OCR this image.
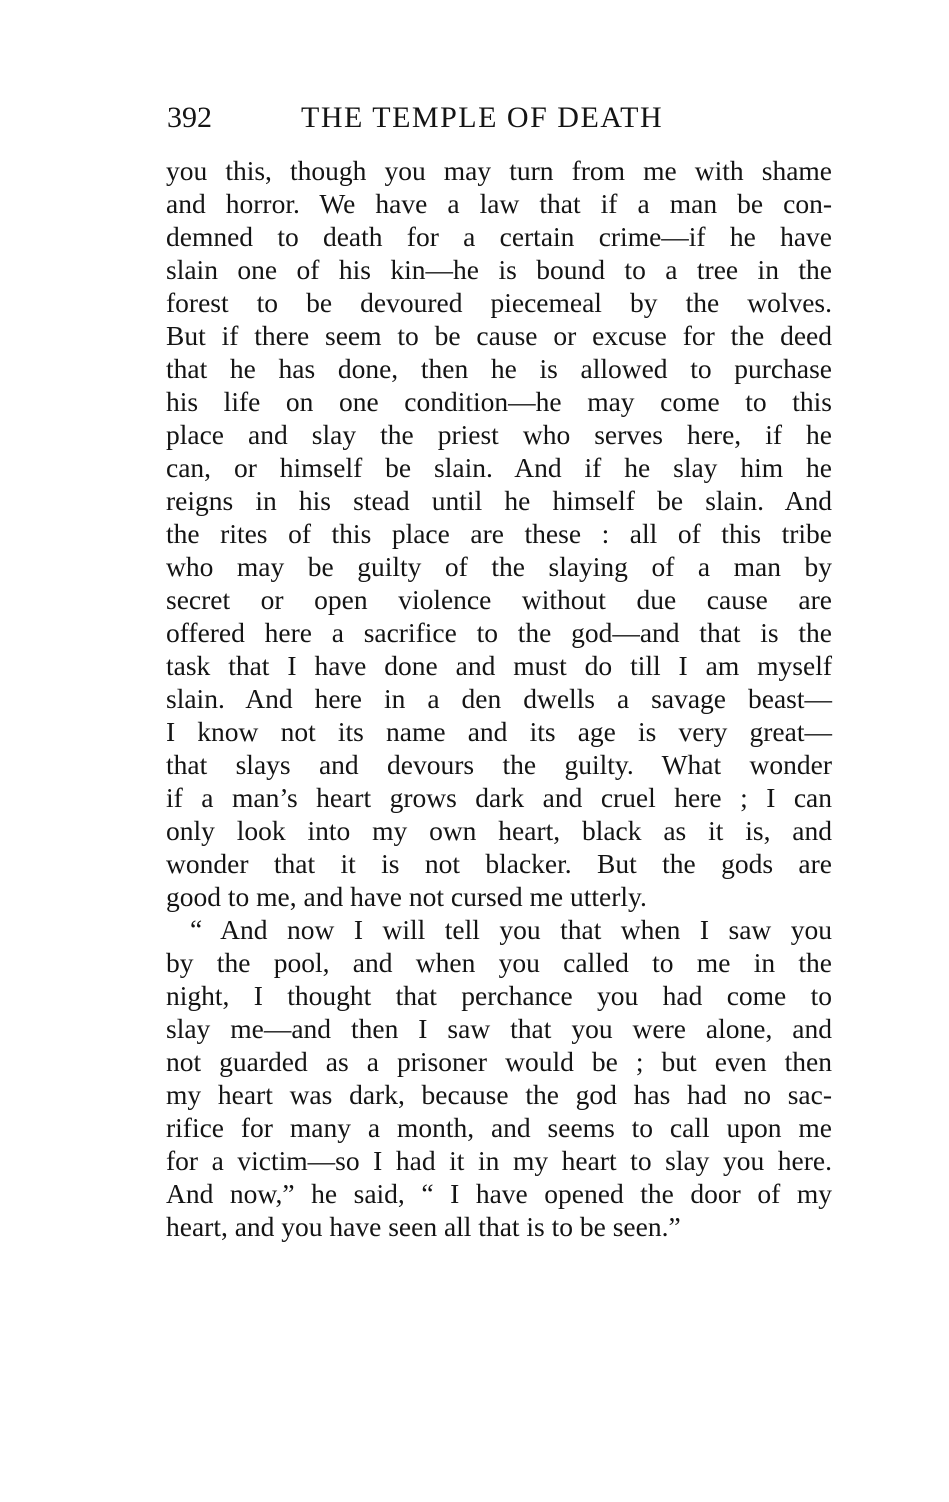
392	THE TEMPLE OF DEATH
you this, though you may turn from me with shame
and horror. We have a law that if a man be con-
demned to death for a certain crime—if he have
slain one of his kin—he is bound to a tree in the
forest to be devoured piecemeal by the wolves.
But if there seem to be cause or excuse for the deed
that he has done, then he is allowed to purchase
his life on one condition—he may come to this
place and slay the priest who serves here, if he
can, or himself be slain. And if he slay him he
reigns in his stead until he himself be slain. And
the rites of this place are these : all of this tribe
who may be guilty of the slaying of a man by
secret or open violence without due cause are
offered here a sacrifice to the god—and that is the
task that I have done and must do till I am myself
slain. And here in a den dwells a savage beast—
I know not its name and its age is very great—
that slays and devours the guilty. What wonder
if a man’s heart grows dark and cruel here ; I can
only look into my own heart, black as it is, and
wonder that it is not blacker. But the gods are
good to me, and have not cursed me utterly.
“ And now I will tell you that when I saw you
by the pool, and when you called to me in the
night, I thought that perchance you had come to
slay me—and then I saw that you were alone, and
not guarded as a prisoner would be ; but even then
my heart was dark, because the god has had no sac-
rifice for many a month, and seems to call upon me
for a victim—so I had it in my heart to slay you here.
And now,” he said, “ I have opened the door of my
heart, and you have seen all that is to be seen.”
